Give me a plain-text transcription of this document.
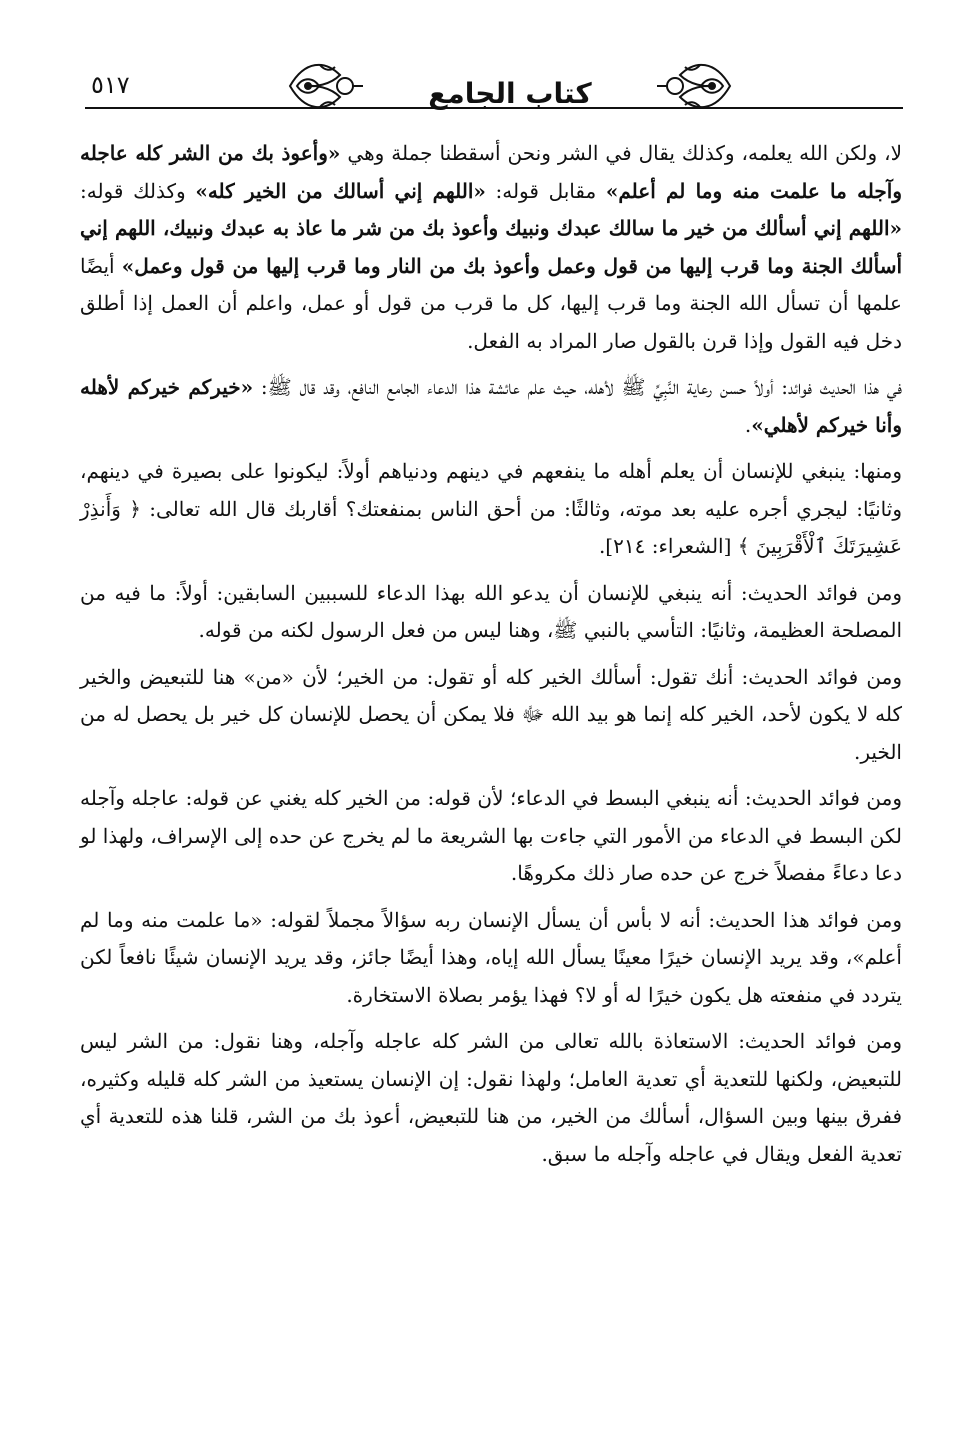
٥١٧	كتاب الجامع

لا، ولكن الله يعلمه، وكذلك يقال في الشر ونحن أسقطنا جملة وهي «وأعوذ بك من الشر كله عاجله وآجله ما علمت منه وما لم أعلم» مقابل قوله: «اللهم إني أسالك من الخير كله» وكذلك قوله: «اللهم إني أسألك من خير ما سالك عبدك ونبيك وأعوذ بك من شر ما عاذ به عبدك ونبيك، اللهم إني أسألك الجنة وما قرب إليها من قول وعمل وأعوذ بك من النار وما قرب إليها من قول وعمل» أيضًا علمها أن تسأل الله الجنة وما قرب إليها، كل ما قرب من قول أو عمل، واعلم أن العمل إذا أطلق دخل فيه القول وإذا قرن بالقول صار المراد به الفعل.

في هذا الحديث فوائد: أولاً حسن رعاية النَّبِيِّ ﷺ لأهله، حيث علم عائشة هذا الدعاء الجامع النافع، وقد قال ﷺ: «خيركم خيركم لأهله وأنا خيركم لأهلي».

ومنها: ينبغي للإنسان أن يعلم أهله ما ينفعهم في دينهم ودنياهم أولاً: ليكونوا على بصيرة في دينهم، وثانيًا: ليجري أجره عليه بعد موته، وثالثًا: من أحق الناس بمنفعتك؟ أقاربك قال الله تعالى: ﴿ وَأَنذِرْ عَشِيرَتَكَ ٱلْأَقْرَبِينَ ﴾ [الشعراء: ٢١٤].

ومن فوائد الحديث: أنه ينبغي للإنسان أن يدعو الله بهذا الدعاء للسببين السابقين: أولاً: ما فيه من المصلحة العظيمة، وثانيًا: التأسي بالنبي ﷺ، وهنا ليس من فعل الرسول لكنه من قوله.

ومن فوائد الحديث: أنك تقول: أسألك الخير كله أو تقول: من الخير؛ لأن «من» هنا للتبعيض والخير كله لا يكون لأحد، الخير كله إنما هو بيد الله ﷻ فلا يمكن أن يحصل للإنسان كل خير بل يحصل له من الخير.

ومن فوائد الحديث: أنه ينبغي البسط في الدعاء؛ لأن قوله: من الخير كله يغني عن قوله: عاجله وآجله لكن البسط في الدعاء من الأمور التي جاءت بها الشريعة ما لم يخرج عن حده إلى الإسراف، ولهذا لو دعا دعاءً مفصلاً خرج عن حده صار ذلك مكروهًا.

ومن فوائد هذا الحديث: أنه لا بأس أن يسأل الإنسان ربه سؤالاً مجملاً لقوله: «ما علمت منه وما لم أعلم»، وقد يريد الإنسان خيرًا معينًا يسأل الله إياه، وهذا أيضًا جائز، وقد يريد الإنسان شيئًا نافعاً لكن يتردد في منفعته هل يكون خيرًا له أو لا؟ فهذا يؤمر بصلاة الاستخارة.

ومن فوائد الحديث: الاستعاذة بالله تعالى من الشر كله عاجله وآجله، وهنا نقول: من الشر ليس للتبعيض، ولكنها للتعدية أي تعدية العامل؛ ولهذا نقول: إن الإنسان يستعيذ من الشر كله قليله وكثيره، ففرق بينها وبين السؤال، أسألك من الخير، من هنا للتبعيض، أعوذ بك من الشر، قلنا هذه للتعدية أي تعدية الفعل ويقال في عاجله وآجله ما سبق.
